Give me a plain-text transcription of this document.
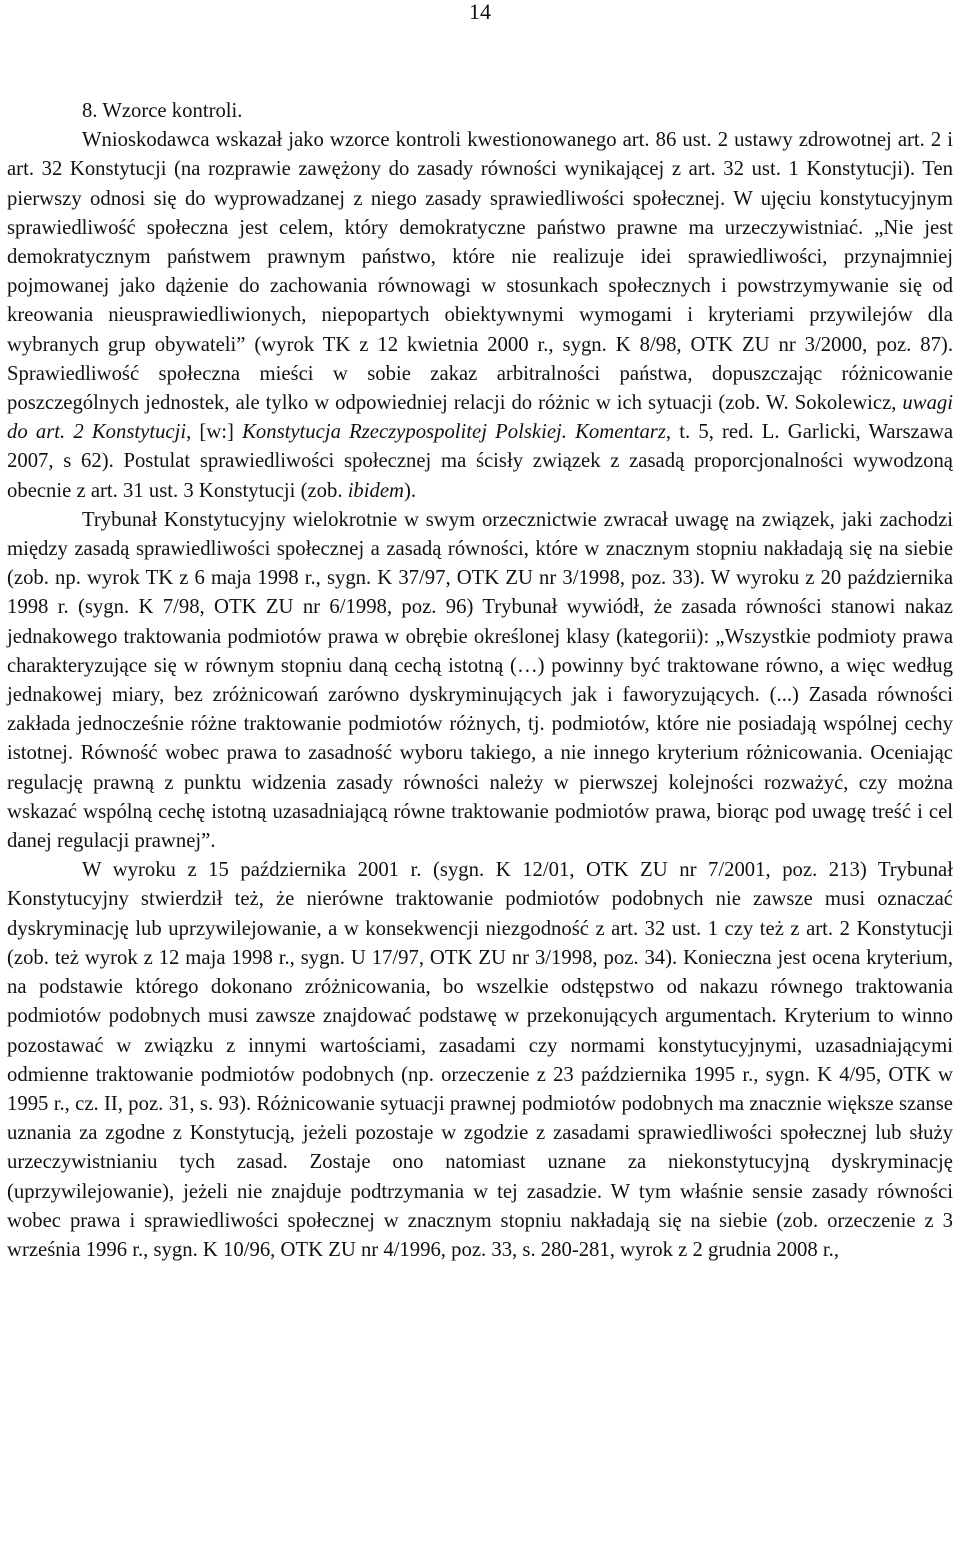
14

8. Wzorce kontroli.

Wnioskodawca wskazał jako wzorce kontroli kwestionowanego art. 86 ust. 2 ustawy zdrowotnej art. 2 i art. 32 Konstytucji (na rozprawie zawężony do zasady równości wynikającej z art. 32 ust. 1 Konstytucji). Ten pierwszy odnosi się do wyprowadzanej z niego zasady sprawiedliwości społecznej. W ujęciu konstytucyjnym sprawiedliwość społeczna jest celem, który demokratyczne państwo prawne ma urzeczywistniać. „Nie jest demokratycznym państwem prawnym państwo, które nie realizuje idei sprawiedliwości, przynajmniej pojmowanej jako dążenie do zachowania równowagi w stosunkach społecznych i powstrzymywanie się od kreowania nieusprawiedliwionych, niepopartych obiektywnymi wymogami i kryteriami przywilejów dla wybranych grup obywateli” (wyrok TK z 12 kwietnia 2000 r., sygn. K 8/98, OTK ZU nr 3/2000, poz. 87). Sprawiedliwość społeczna mieści w sobie zakaz arbitralności państwa, dopuszczając różnicowanie poszczególnych jednostek, ale tylko w odpowiedniej relacji do różnic w ich sytuacji (zob. W. Sokolewicz, uwagi do art. 2 Konstytucji, [w:] Konstytucja Rzeczypospolitej Polskiej. Komentarz, t. 5, red. L. Garlicki, Warszawa 2007, s 62). Postulat sprawiedliwości społecznej ma ścisły związek z zasadą proporcjonalności wywodzoną obecnie z art. 31 ust. 3 Konstytucji (zob. ibidem).

Trybunał Konstytucyjny wielokrotnie w swym orzecznictwie zwracał uwagę na związek, jaki zachodzi między zasadą sprawiedliwości społecznej a zasadą równości, które w znacznym stopniu nakładają się na siebie (zob. np. wyrok TK z 6 maja 1998 r., sygn. K 37/97, OTK ZU nr 3/1998, poz. 33). W wyroku z 20 października 1998 r. (sygn. K 7/98, OTK ZU nr 6/1998, poz. 96) Trybunał wywiódł, że zasada równości stanowi nakaz jednakowego traktowania podmiotów prawa w obrębie określonej klasy (kategorii): „Wszystkie podmioty prawa charakteryzujące się w równym stopniu daną cechą istotną (…) powinny być traktowane równo, a więc według jednakowej miary, bez zróżnicowań zarówno dyskryminujących jak i faworyzujących. (...) Zasada równości zakłada jednocześnie różne traktowanie podmiotów różnych, tj. podmiotów, które nie posiadają wspólnej cechy istotnej. Równość wobec prawa to zasadność wyboru takiego, a nie innego kryterium różnicowania. Oceniając regulację prawną z punktu widzenia zasady równości należy w pierwszej kolejności rozważyć, czy można wskazać wspólną cechę istotną uzasadniającą równe traktowanie podmiotów prawa, biorąc pod uwagę treść i cel danej regulacji prawnej”.

W wyroku z 15 października 2001 r. (sygn. K 12/01, OTK ZU nr 7/2001, poz. 213) Trybunał Konstytucyjny stwierdził też, że nierówne traktowanie podmiotów podobnych nie zawsze musi oznaczać dyskryminację lub uprzywilejowanie, a w konsekwencji niezgodność z art. 32 ust. 1 czy też z art. 2 Konstytucji (zob. też wyrok z 12 maja 1998 r., sygn. U 17/97, OTK ZU nr 3/1998, poz. 34). Konieczna jest ocena kryterium, na podstawie którego dokonano zróżnicowania, bo wszelkie odstępstwo od nakazu równego traktowania podmiotów podobnych musi zawsze znajdować podstawę w przekonujących argumentach. Kryterium to winno pozostawać w związku z innymi wartościami, zasadami czy normami konstytucyjnymi, uzasadniającymi odmienne traktowanie podmiotów podobnych (np. orzeczenie z 23 października 1995 r., sygn. K 4/95, OTK w 1995 r., cz. II, poz. 31, s. 93). Różnicowanie sytuacji prawnej podmiotów podobnych ma znacznie większe szanse uznania za zgodne z Konstytucją, jeżeli pozostaje w zgodzie z zasadami sprawiedliwości społecznej lub służy urzeczywistnianiu tych zasad. Zostaje ono natomiast uznane za niekonstytucyjną dyskryminację (uprzywilejowanie), jeżeli nie znajduje podtrzymania w tej zasadzie. W tym właśnie sensie zasady równości wobec prawa i sprawiedliwości społecznej w znacznym stopniu nakładają się na siebie (zob. orzeczenie z 3 września 1996 r., sygn. K 10/96, OTK ZU nr 4/1996, poz. 33, s. 280-281, wyrok z 2 grudnia 2008 r.,
